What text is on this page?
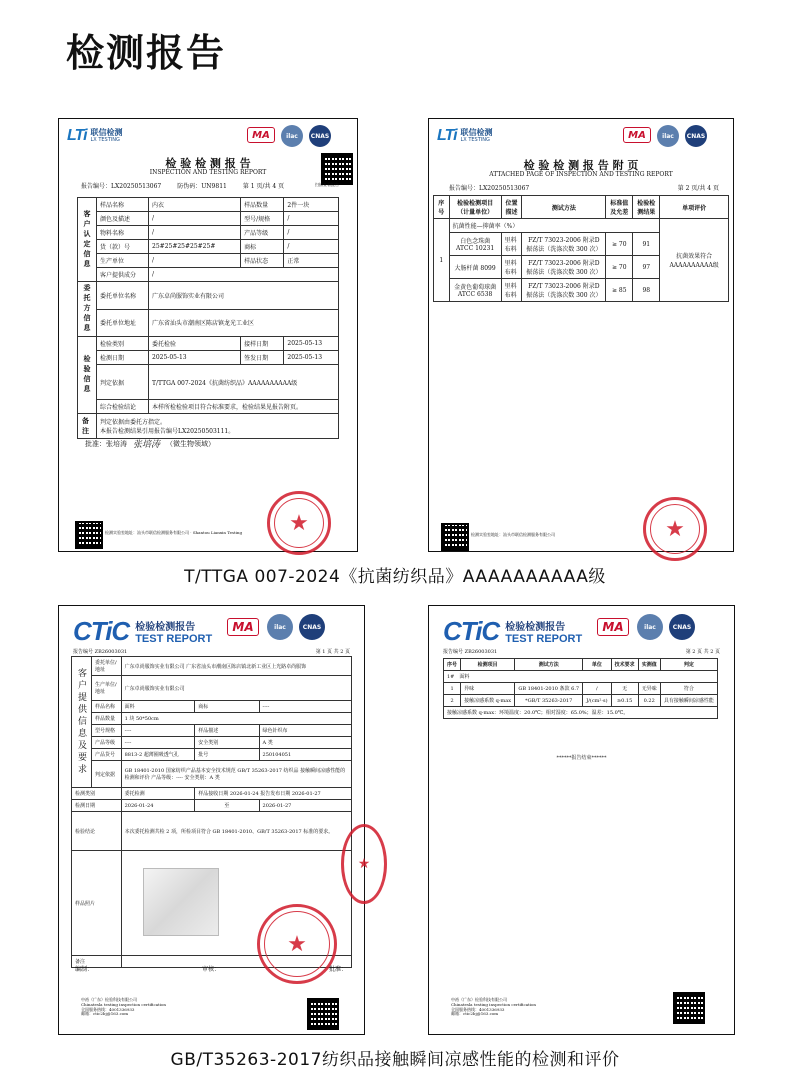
检测报告
LTi 联信检测
LX TESTING	MA	ilac	CNAS
检 验 检 测 报 告
INSPECTION AND TESTING REPORT
扫描查看报告
报告编号：LX20250513067	防伪码：UN9811	第 1 页/共 4 页
客户认定信息	样品名称	内衣	样品数量	2件一块
	颜色及描述	/	型号/规格	/
	物料名称	/	产品等级	/
	货（款）号	25#25#25#25#25#	商标	/
	生产单位	/	样品状态	正常
	客户提供成分	/		
委托方信息	委托单位名称	广东卓尚服饰实业有限公司		
	委托单位地址	广东省汕头市潮南区陈店镇龙光工业区		
检验信息	检验类别	委托检验	接样日期	2025-05-13
	检测日期	2025-05-13	签发日期	2025-05-13
	判定依据	T/TTGA 007-2024《抗菌纺织品》AAAAAAAAAA级		
	综合检验结论	本样所检检验项目符合标准要求，检验结果见报告附页。		
备注	判定依据由委托方指定。
本报告检测结果引用报告编号LX20250503111。			
批准：张培涛 张培涛 （微生物领域）
★
检测实验室地址：汕头市联信检测服务有限公司 · Shantou Lianxin Testing
LTi 联信检测
LX TESTING	MA	ilac	CNAS
检 验 检 测 报 告 附 页
ATTACHED PAGE OF INSPECTION AND TESTING REPORT
报告编号：LX20250513067	第 2 页/共 4 页
序号	检验检测项目（计量单位）	位置描述	测试方法	标准值及允差	检验检测结果	单项评价
1	抗菌性能—抑菌率（%）					抗菌效果符合AAAAAAAAAA级
	白色念珠菌 ATCC 10231	里料布料	FZ/T 73023-2006 附录D 振荡法（洗涤次数 300 次）	≥ 70	91	
	大肠杆菌 8099	里料布料	FZ/T 73023-2006 附录D 振荡法（洗涤次数 300 次）	≥ 70	97	
	金黄色葡萄球菌 ATCC 6538	里料布料	FZ/T 73023-2006 附录D 振荡法（洗涤次数 300 次）	≥ 85	98	
★
检测实验室地址：汕头市联信检测服务有限公司
T/TTGA 007-2024《抗菌纺织品》AAAAAAAAAA级
CTiC 检验检测报告
TEST REPORT
MA	ilac	CNAS
报告编号 ZB26003031	第 1 页 共 2 页
客户提供信息及要求	委托单位/地址	广东卓尚服饰实业有限公司 广东省汕头市潮南区陈店镇北新工业区上光路卓尚服饰		
	生产单位/地址	广东卓尚服饰实业有限公司		
	样品名称	面料	商标	----
	样品数量	1 块 50*50cm		
	型号规格	----	样品描述	绿色针织布
	产品等级	----	安全类别	A 类
	产品货号	8813-2 超薄圈吸透气孔	批号	250104051
	判定依据	GB 18401-2010 国家纺织产品基本安全技术规范 GB/T 35263-2017 纺织品 接触瞬间凉感性能的检测和评价 产品等级：---- 安全类别：A 类		
检测类别		委托检测	样品接收日期 2026-01-24 报告发布日期 2026-01-27	
检测日期		2026-01-24	至	2026-01-27
检验结论		本次委托检测共检 2 项，所检项目符合 GB 18401-2010、GB/T 35263-2017 标准的要求。		
样品照片				
备注				
★
★
编制：	审核：	批准：
中裕（广东）检验科技有限公司
Chinatesla testing inspection certification
全国服务热线：4001336933
邮箱：ctic2bj@163.com
CTiC 检验检测报告
TEST REPORT
MA	ilac	CNAS
报告编号 ZB26003031	第 2 页 共 2 页
序号	检测项目	测试方法	单位	技术要求	实测值	判定
1#　面料						
1	异味	GB 18401-2010 条款 6.7	/	无	无异味	符合
2	接触凉感系数 q-max	*GB/T 35263-2017	J/(cm²·s)	≥0.15	0.22	具有接触瞬间凉感性能
接触凉感系数 q-max：环境温度：20.0℃；相对湿度：65.0%；温差：15.0℃。						
******报告结束******
中裕（广东）检验科技有限公司
Chinatesla testing inspection certification
全国服务热线：4001336933
邮箱：ctic2bj@163.com
GB/T35263-2017纺织品接触瞬间凉感性能的检测和评价
